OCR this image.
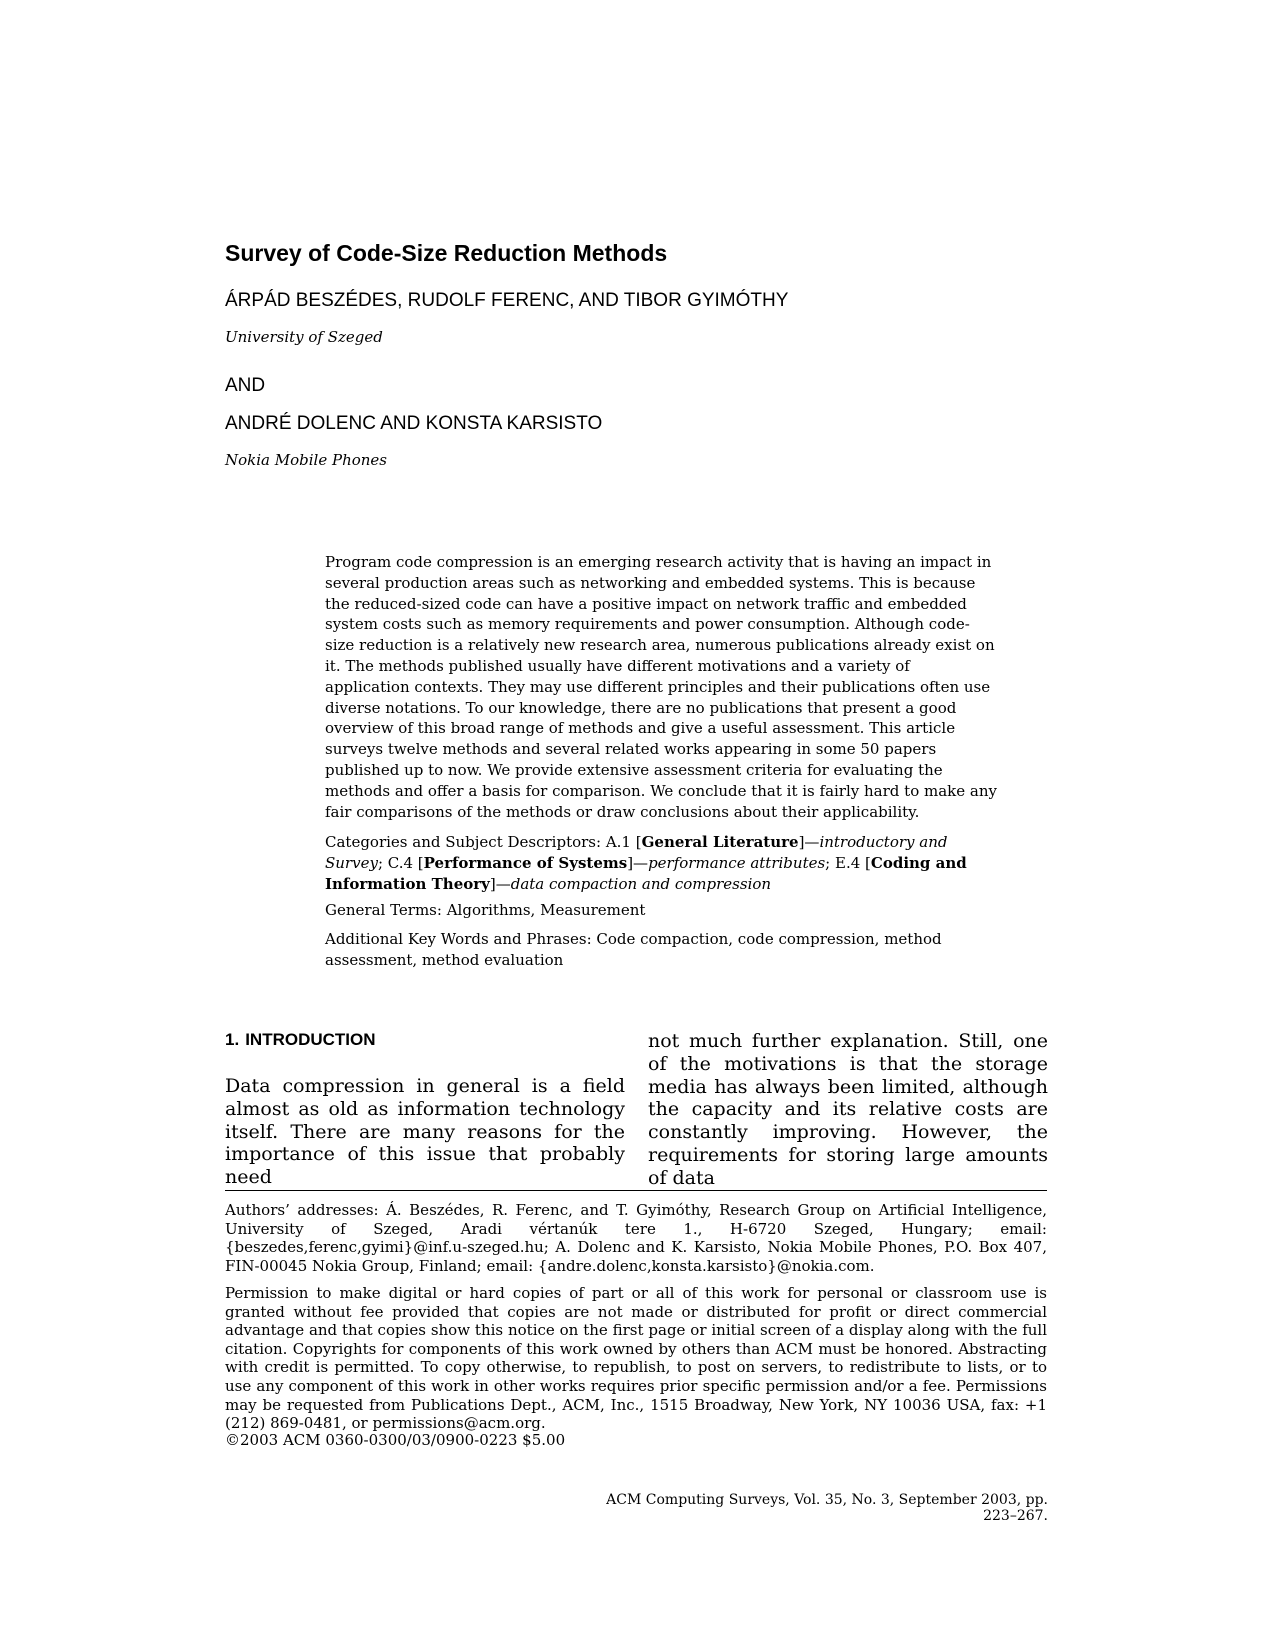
Survey of Code-Size Reduction Methods
ÁRPÁD BESZÉDES, RUDOLF FERENC, AND TIBOR GYIMÓTHY
University of Szeged
AND
ANDRÉ DOLENC AND KONSTA KARSISTO
Nokia Mobile Phones

Program code compression is an emerging research activity that is having an impact in several production areas such as networking and embedded systems. This is because the reduced-sized code can have a positive impact on network traffic and embedded system costs such as memory requirements and power consumption. Although code-size reduction is a relatively new research area, numerous publications already exist on it. The methods published usually have different motivations and a variety of application contexts. They may use different principles and their publications often use diverse notations. To our knowledge, there are no publications that present a good overview of this broad range of methods and give a useful assessment. This article surveys twelve methods and several related works appearing in some 50 papers published up to now. We provide extensive assessment criteria for evaluating the methods and offer a basis for comparison. We conclude that it is fairly hard to make any fair comparisons of the methods or draw conclusions about their applicability.

Categories and Subject Descriptors: A.1 [General Literature]—introductory and Survey; C.4 [Performance of Systems]—performance attributes; E.4 [Coding and Information Theory]—data compaction and compression
General Terms: Algorithms, Measurement
Additional Key Words and Phrases: Code compaction, code compression, method assessment, method evaluation
1. INTRODUCTION
Data compression in general is a field almost as old as information technology itself. There are many reasons for the importance of this issue that probably need
not much further explanation. Still, one of the motivations is that the storage media has always been limited, although the capacity and its relative costs are constantly improving. However, the requirements for storing large amounts of data
Authors’ addresses: Á. Beszédes, R. Ferenc, and T. Gyimóthy, Research Group on Artificial Intelligence, University of Szeged, Aradi vértanúk tere 1., H-6720 Szeged, Hungary; email: {beszedes,ferenc,gyimi}@inf.u-szeged.hu; A. Dolenc and K. Karsisto, Nokia Mobile Phones, P.O. Box 407, FIN-00045 Nokia Group, Finland; email: {andre.dolenc,konsta.karsisto}@nokia.com.
Permission to make digital or hard copies of part or all of this work for personal or classroom use is granted without fee provided that copies are not made or distributed for profit or direct commercial advantage and that copies show this notice on the first page or initial screen of a display along with the full citation. Copyrights for components of this work owned by others than ACM must be honored. Abstracting with credit is permitted. To copy otherwise, to republish, to post on servers, to redistribute to lists, or to use any component of this work in other works requires prior specific permission and/or a fee. Permissions may be requested from Publications Dept., ACM, Inc., 1515 Broadway, New York, NY 10036 USA, fax: +1 (212) 869-0481, or permissions@acm.org.
©2003 ACM 0360-0300/03/0900-0223 $5.00
ACM Computing Surveys, Vol. 35, No. 3, September 2003, pp. 223–267.
